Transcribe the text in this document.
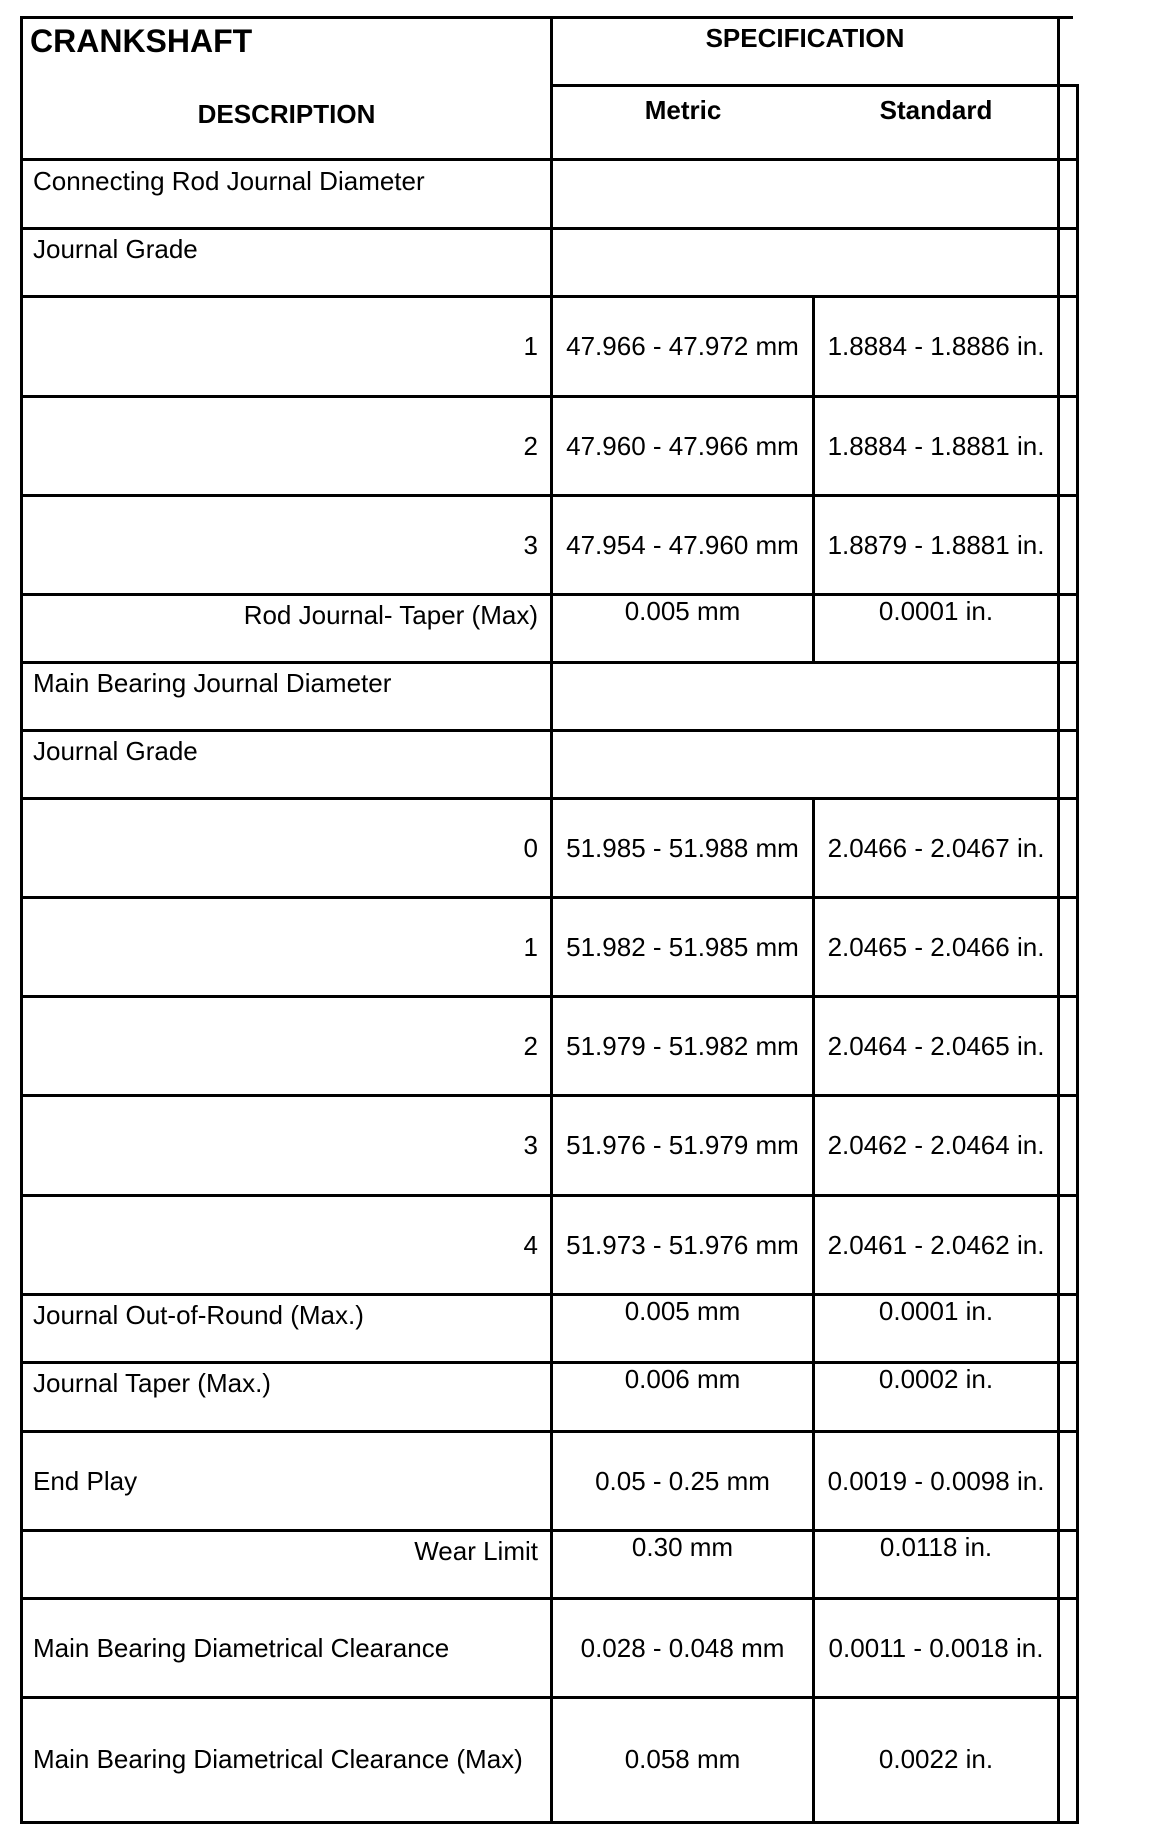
CRANKSHAFT	SPECIFICATION
DESCRIPTION	Metric	Standard
Connecting Rod Journal Diameter
Journal Grade
1	47.966 - 47.972 mm	1.8884 - 1.8886 in.
2	47.960 - 47.966 mm	1.8884 - 1.8881 in.
3	47.954 - 47.960 mm	1.8879 - 1.8881 in.
Rod Journal- Taper (Max)	0.005 mm	0.0001 in.
Main Bearing Journal Diameter
Journal Grade
0	51.985 - 51.988 mm	2.0466 - 2.0467 in.
1	51.982 - 51.985 mm	2.0465 - 2.0466 in.
2	51.979 - 51.982 mm	2.0464 - 2.0465 in.
3	51.976 - 51.979 mm	2.0462 - 2.0464 in.
4	51.973 - 51.976 mm	2.0461 - 2.0462 in.
Journal Out-of-Round (Max.)	0.005 mm	0.0001 in.
Journal Taper (Max.)	0.006 mm	0.0002 in.
End Play	0.05 - 0.25 mm	0.0019 - 0.0098 in.
Wear Limit	0.30 mm	0.0118 in.
Main Bearing Diametrical Clearance	0.028 - 0.048 mm	0.0011 - 0.0018 in.
Main Bearing Diametrical Clearance (Max)	0.058 mm	0.0022 in.
